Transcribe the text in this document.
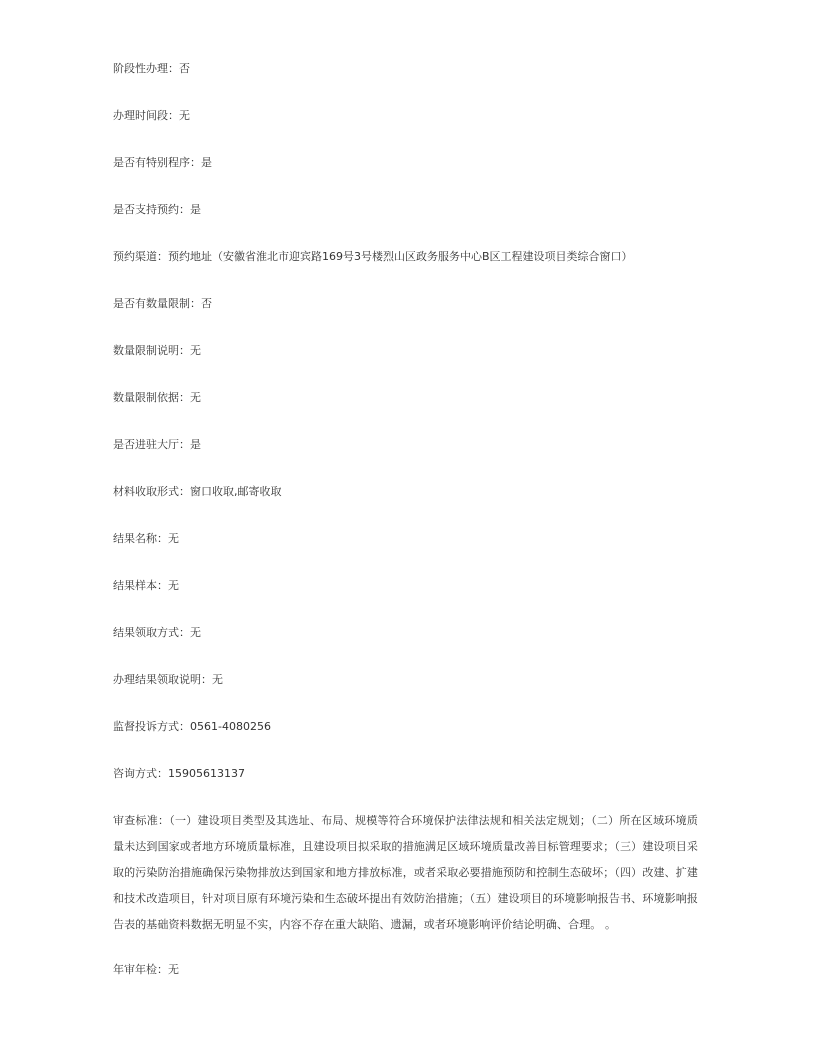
阶段性办理：否
办理时间段：无
是否有特别程序：是
是否支持预约：是
预约渠道：预约地址（安徽省淮北市迎宾路169号3号楼烈山区政务服务中心B区工程建设项目类综合窗口）
是否有数量限制：否
数量限制说明：无
数量限制依据：无
是否进驻大厅：是
材料收取形式：窗口收取,邮寄收取
结果名称：无
结果样本：无
结果领取方式：无
办理结果领取说明：无
监督投诉方式：0561-4080256
咨询方式：15905613137
审查标准：（一）建设项目类型及其选址、布局、规模等符合环境保护法律法规和相关法定规划；（二）所在区域环境质量未达到国家或者地方环境质量标准，且建设项目拟采取的措施满足区域环境质量改善目标管理要求；（三）建设项目采取的污染防治措施确保污染物排放达到国家和地方排放标准，或者采取必要措施预防和控制生态破坏；（四）改建、扩建和技术改造项目，针对项目原有环境污染和生态破坏提出有效防治措施；（五）建设项目的环境影响报告书、环境影响报告表的基础资料数据无明显不实，内容不存在重大缺陷、遗漏，或者环境影响评价结论明确、合理。 。
年审年检：无
